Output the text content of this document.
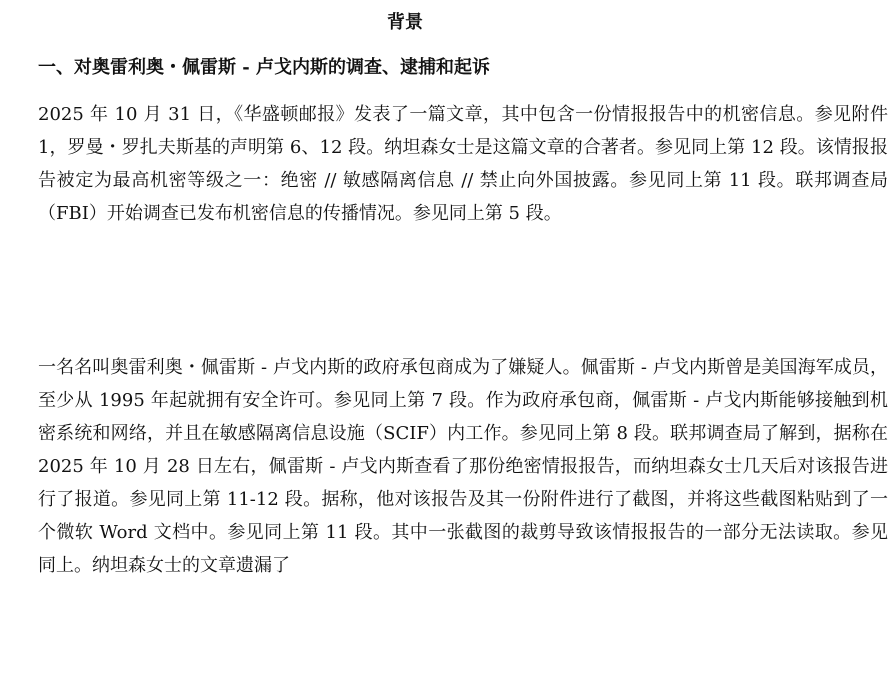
背景
一、对奥雷利奥・佩雷斯 - 卢戈内斯的调查、逮捕和起诉

2025 年 10 月 31 日，《华盛顿邮报》发表了一篇文章，其中包含一份情报报告中的机密信息。参见附件 1，罗曼・罗扎夫斯基的声明第 6、12 段。纳坦森女士是这篇文章的合著者。参见同上第 12 段。该情报报告被定为最高机密等级之一：绝密 // 敏感隔离信息 // 禁止向外国披露。参见同上第 11 段。联邦调查局（FBI）开始调查已发布机密信息的传播情况。参见同上第 5 段。

一名名叫奥雷利奥・佩雷斯 - 卢戈内斯的政府承包商成为了嫌疑人。佩雷斯 - 卢戈内斯曾是美国海军成员，至少从 1995 年起就拥有安全许可。参见同上第 7 段。作为政府承包商，佩雷斯 - 卢戈内斯能够接触到机密系统和网络，并且在敏感隔离信息设施（SCIF）内工作。参见同上第 8 段。联邦调查局了解到，据称在 2025 年 10 月 28 日左右，佩雷斯 - 卢戈内斯查看了那份绝密情报报告，而纳坦森女士几天后对该报告进行了报道。参见同上第 11-12 段。据称，他对该报告及其一份附件进行了截图，并将这些截图粘贴到了一个微软 Word 文档中。参见同上第 11 段。其中一张截图的裁剪导致该情报报告的一部分无法读取。参见同上。纳坦森女士的文章遗漏了
